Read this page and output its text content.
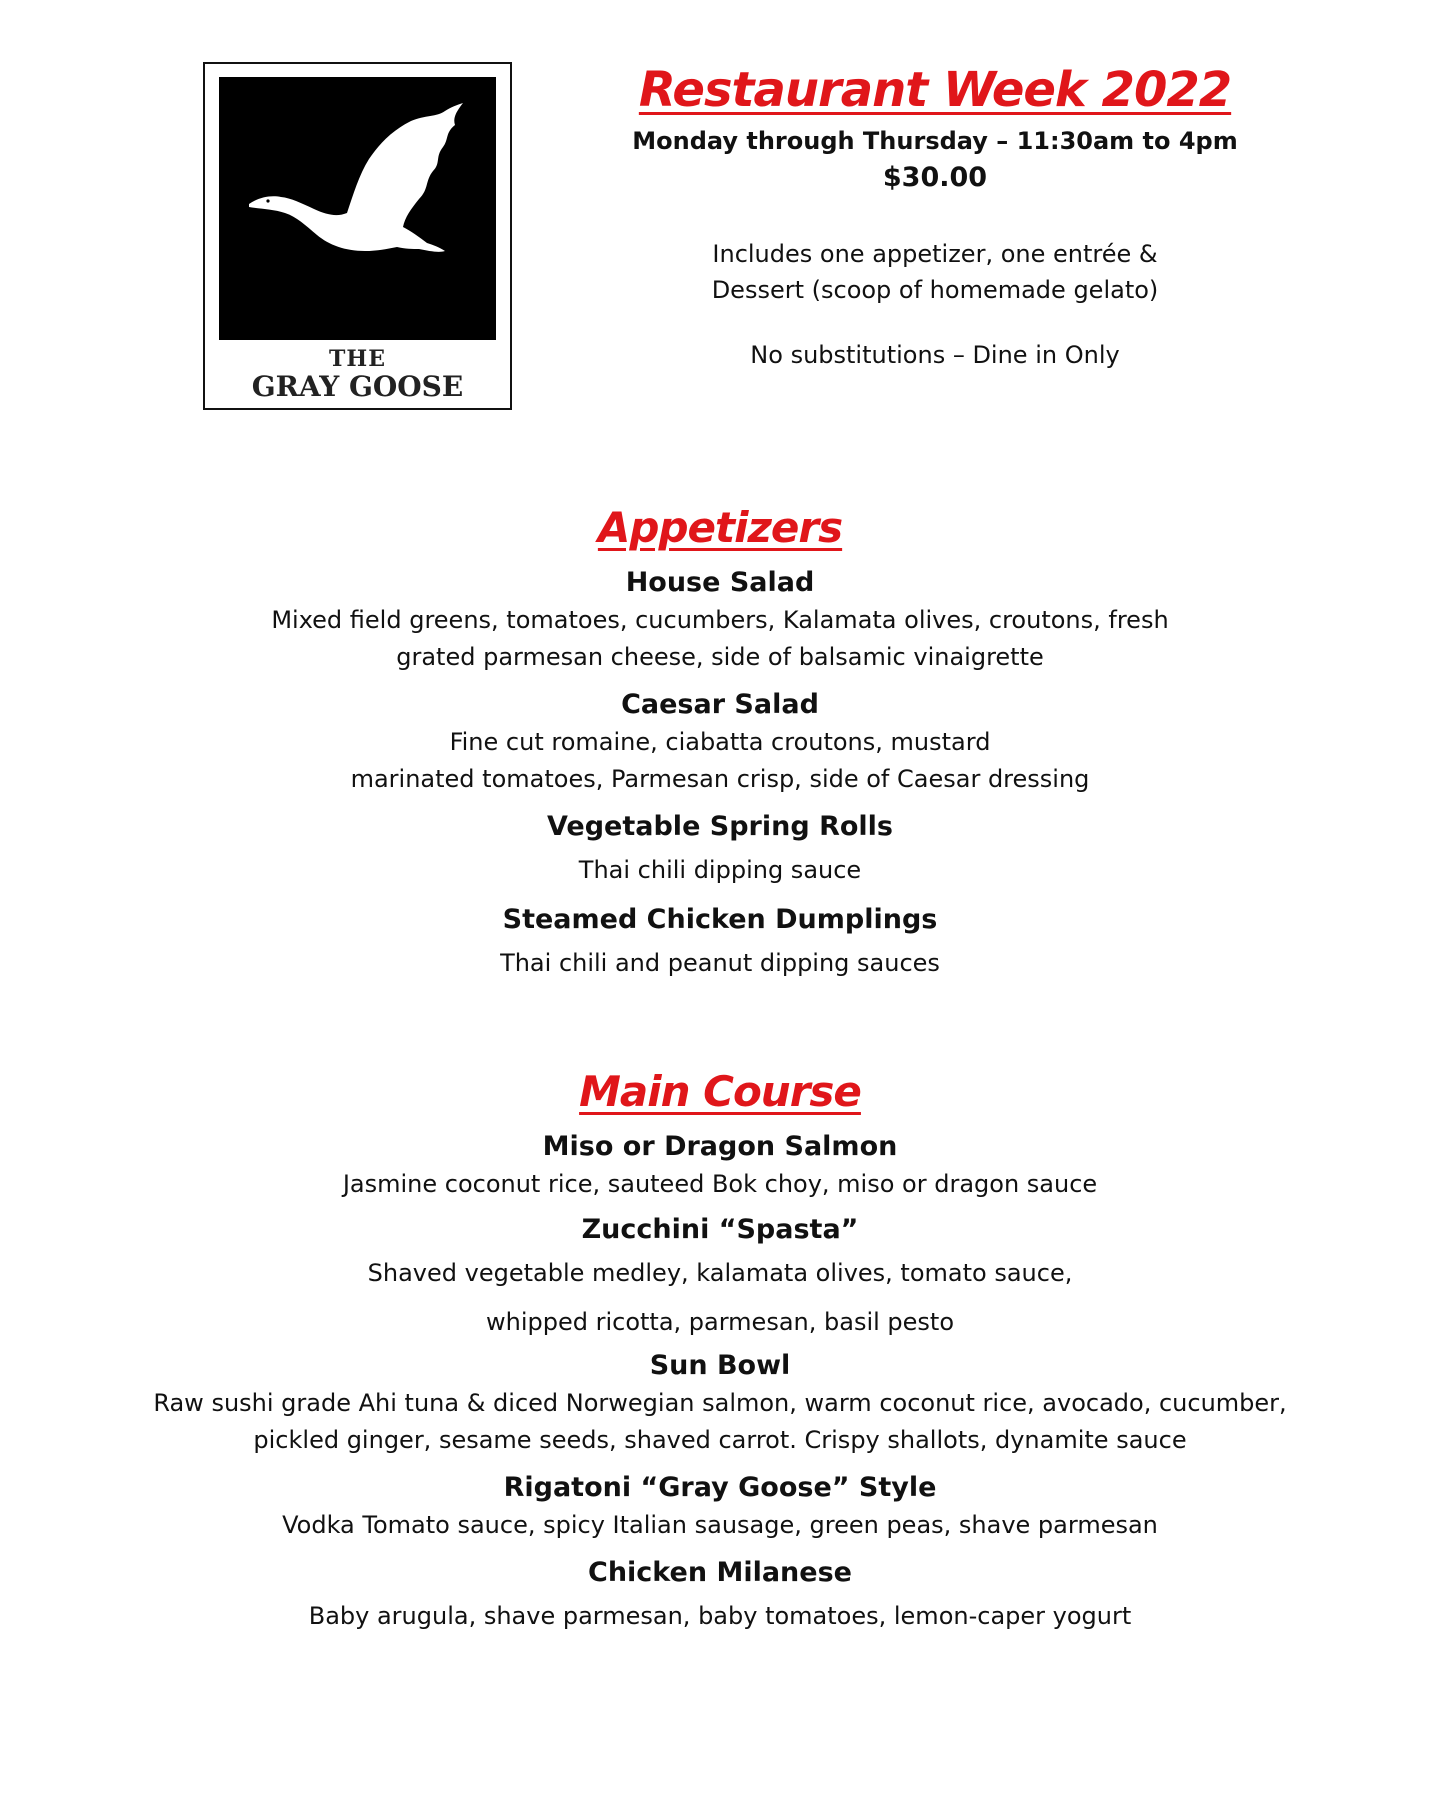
THE
GRAY GOOSE
Restaurant Week 2022
Monday through Thursday – 11:30am to 4pm
$30.00
Includes one appetizer, one entrée &
Dessert (scoop of homemade gelato)
No substitutions – Dine in Only
Appetizers
House Salad
Mixed field greens, tomatoes, cucumbers, Kalamata olives, croutons, fresh
grated parmesan cheese, side of balsamic vinaigrette
Caesar Salad
Fine cut romaine, ciabatta croutons, mustard
marinated tomatoes, Parmesan crisp, side of Caesar dressing
Vegetable Spring Rolls
Thai chili dipping sauce
Steamed Chicken Dumplings
Thai chili and peanut dipping sauces
Main Course
Miso or Dragon Salmon
Jasmine coconut rice, sauteed Bok choy, miso or dragon sauce
Zucchini “Spasta”
Shaved vegetable medley, kalamata olives, tomato sauce,
whipped ricotta, parmesan, basil pesto
Sun Bowl
Raw sushi grade Ahi tuna & diced Norwegian salmon, warm coconut rice, avocado, cucumber,
pickled ginger, sesame seeds, shaved carrot. Crispy shallots, dynamite sauce
Rigatoni “Gray Goose” Style
Vodka Tomato sauce, spicy Italian sausage, green peas, shave parmesan
Chicken Milanese
Baby arugula, shave parmesan, baby tomatoes, lemon-caper yogurt
